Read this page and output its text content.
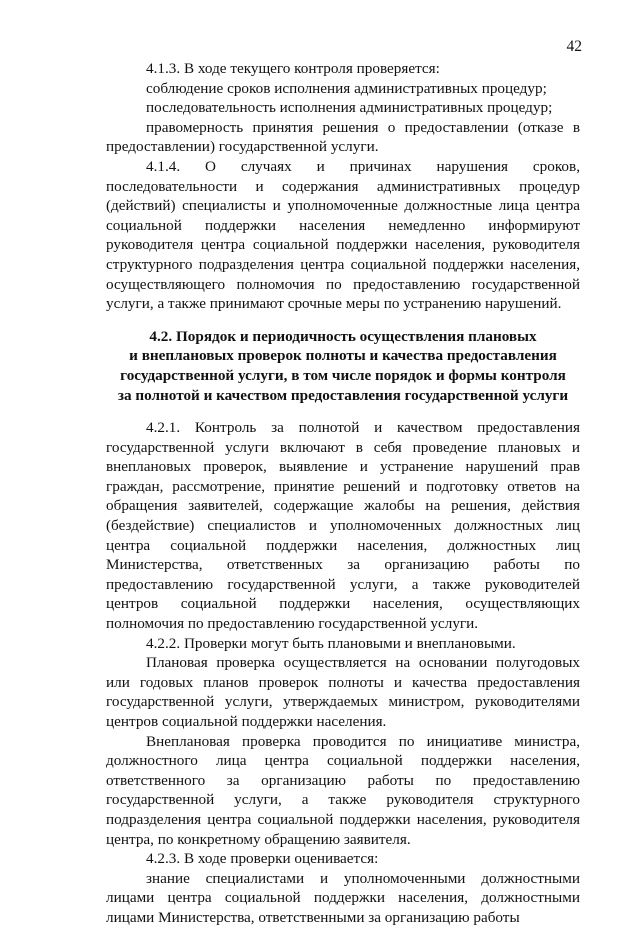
42

4.1.3. В ходе текущего контроля проверяется:

соблюдение сроков исполнения административных процедур;

последовательность исполнения административных процедур;

правомерность принятия решения о предоставлении (отказе в предоставлении) государственной услуги.

4.1.4. О случаях и причинах нарушения сроков, последовательности и содержания административных процедур (действий) специалисты и уполномоченные должностные лица центра социальной поддержки населения немедленно информируют руководителя центра социальной поддержки населения, руководителя структурного подразделения центра социальной поддержки населения, осуществляющего полномочия по предоставлению государственной услуги, а также принимают срочные меры по устранению нарушений.

4.2. Порядок и периодичность осуществления плановых
и внеплановых проверок полноты и качества предоставления
государственной услуги, в том числе порядок и формы контроля
за полнотой и качеством предоставления государственной услуги

4.2.1. Контроль за полнотой и качеством предоставления государственной услуги включают в себя проведение плановых и внеплановых проверок, выявление и устранение нарушений прав граждан, рассмотрение, принятие решений и подготовку ответов на обращения заявителей, содержащие жалобы на решения, действия (бездействие) специалистов и уполномоченных должностных лиц центра социальной поддержки населения, должностных лиц Министерства, ответственных за организацию работы по предоставлению государственной услуги, а также руководителей центров социальной поддержки населения, осуществляющих полномочия по предоставлению государственной услуги.

4.2.2. Проверки могут быть плановыми и внеплановыми.

Плановая проверка осуществляется на основании полугодовых или годовых планов проверок полноты и качества предоставления государственной услуги, утверждаемых министром, руководителями центров социальной поддержки населения.

Внеплановая проверка проводится по инициативе министра, должностного лица центра социальной поддержки населения, ответственного за организацию работы по предоставлению государственной услуги, а также руководителя структурного подразделения центра социальной поддержки населения, руководителя центра, по конкретному обращению заявителя.

4.2.3. В ходе проверки оценивается:

знание специалистами и уполномоченными должностными лицами центра социальной поддержки населения, должностными лицами Министерства, ответственными за организацию работы
